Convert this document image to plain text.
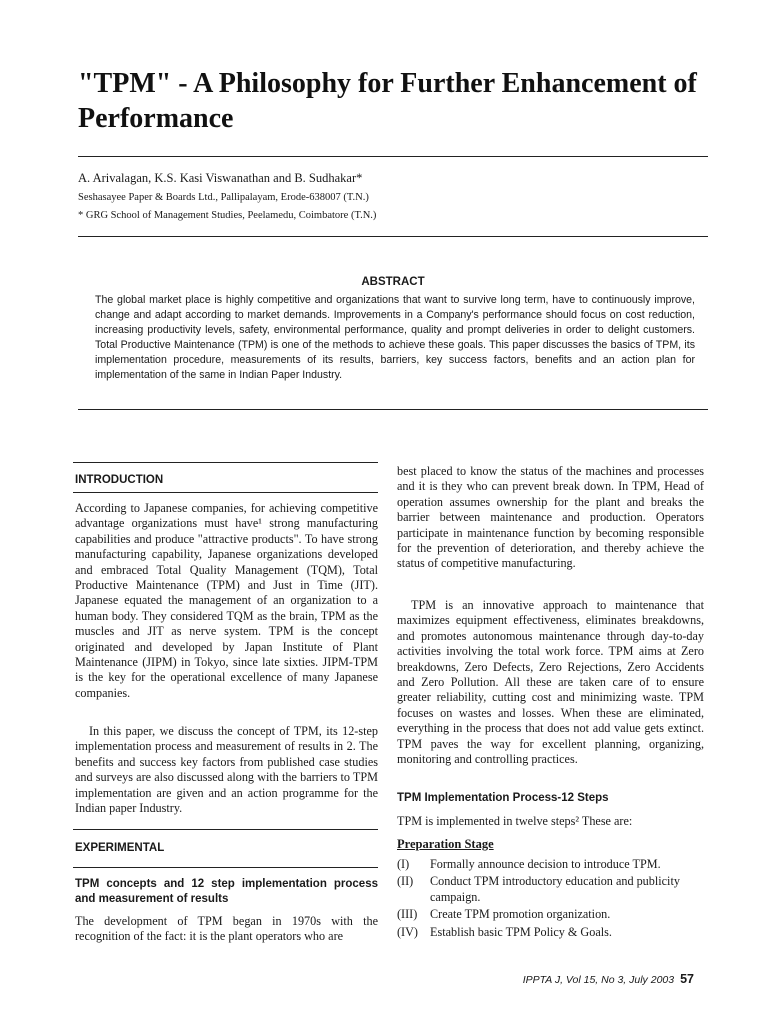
"TPM" - A Philosophy for Further Enhancement of Performance

A. Arivalagan, K.S. Kasi Viswanathan and B. Sudhakar*

Seshasayee Paper & Boards Ltd., Pallipalayam, Erode-638007 (T.N.)

* GRG School of Management Studies, Peelamedu, Coimbatore (T.N.)

ABSTRACT

The global market place is highly competitive and organizations that want to survive long term, have to continuously improve, change and adapt according to market demands. Improvements in a Company's performance should focus on cost reduction, increasing productivity levels, safety, environmental performance, quality and prompt deliveries in order to delight customers. Total Productive Maintenance (TPM) is one of the methods to achieve these goals. This paper discusses the basics of TPM, its implementation procedure, measurements of its results, barriers, key success factors, benefits and an action plan for implementation of the same in Indian Paper Industry.

INTRODUCTION

According to Japanese companies, for achieving competitive advantage organizations must have¹ strong manufacturing capabilities and produce "attractive products". To have strong manufacturing capability, Japanese organizations developed and embraced Total Quality Management (TQM), Total Productive Maintenance (TPM) and Just in Time (JIT). Japanese equated the management of an organization to a human body. They considered TQM as the brain, TPM as the muscles and JIT as nerve system. TPM is the concept originated and developed by Japan Institute of Plant Maintenance (JIPM) in Tokyo, since late sixties. JIPM-TPM is the key for the operational excellence of many Japanese companies.

In this paper, we discuss the concept of TPM, its 12-step implementation process and measurement of results in 2. The benefits and success key factors from published case studies and surveys are also discussed along with the barriers to TPM implementation are given and an action programme for the Indian paper Industry.

EXPERIMENTAL
TPM concepts and 12 step implementation process and measurement of results

The development of TPM began in 1970s with the recognition of the fact: it is the plant operators who are

best placed to know the status of the machines and processes and it is they who can prevent break down. In TPM, Head of operation assumes ownership for the plant and breaks the barrier between maintenance and production. Operators participate in maintenance function by becoming responsible for the prevention of deterioration, and thereby achieve the status of competitive manufacturing.

TPM is an innovative approach to maintenance that maximizes equipment effectiveness, eliminates breakdowns, and promotes autonomous maintenance through day-to-day activities involving the total work force. TPM aims at Zero breakdowns, Zero Defects, Zero Rejections, Zero Accidents and Zero Pollution. All these are taken care of to ensure greater reliability, cutting cost and minimizing waste. TPM focuses on wastes and losses. When these are eliminated, everything in the process that does not add value gets extinct. TPM paves the way for excellent planning, organizing, monitoring and controlling practices.

TPM Implementation Process-12 Steps

TPM is implemented in twelve steps² These are:

Preparation Stage
(I)	Formally announce decision to introduce TPM.
(II)	Conduct TPM introductory education and publicity campaign.
(III)	Create TPM promotion organization.
(IV) Establish basic TPM Policy & Goals.

IPPTA J, Vol 15, No 3, July 2003 57
